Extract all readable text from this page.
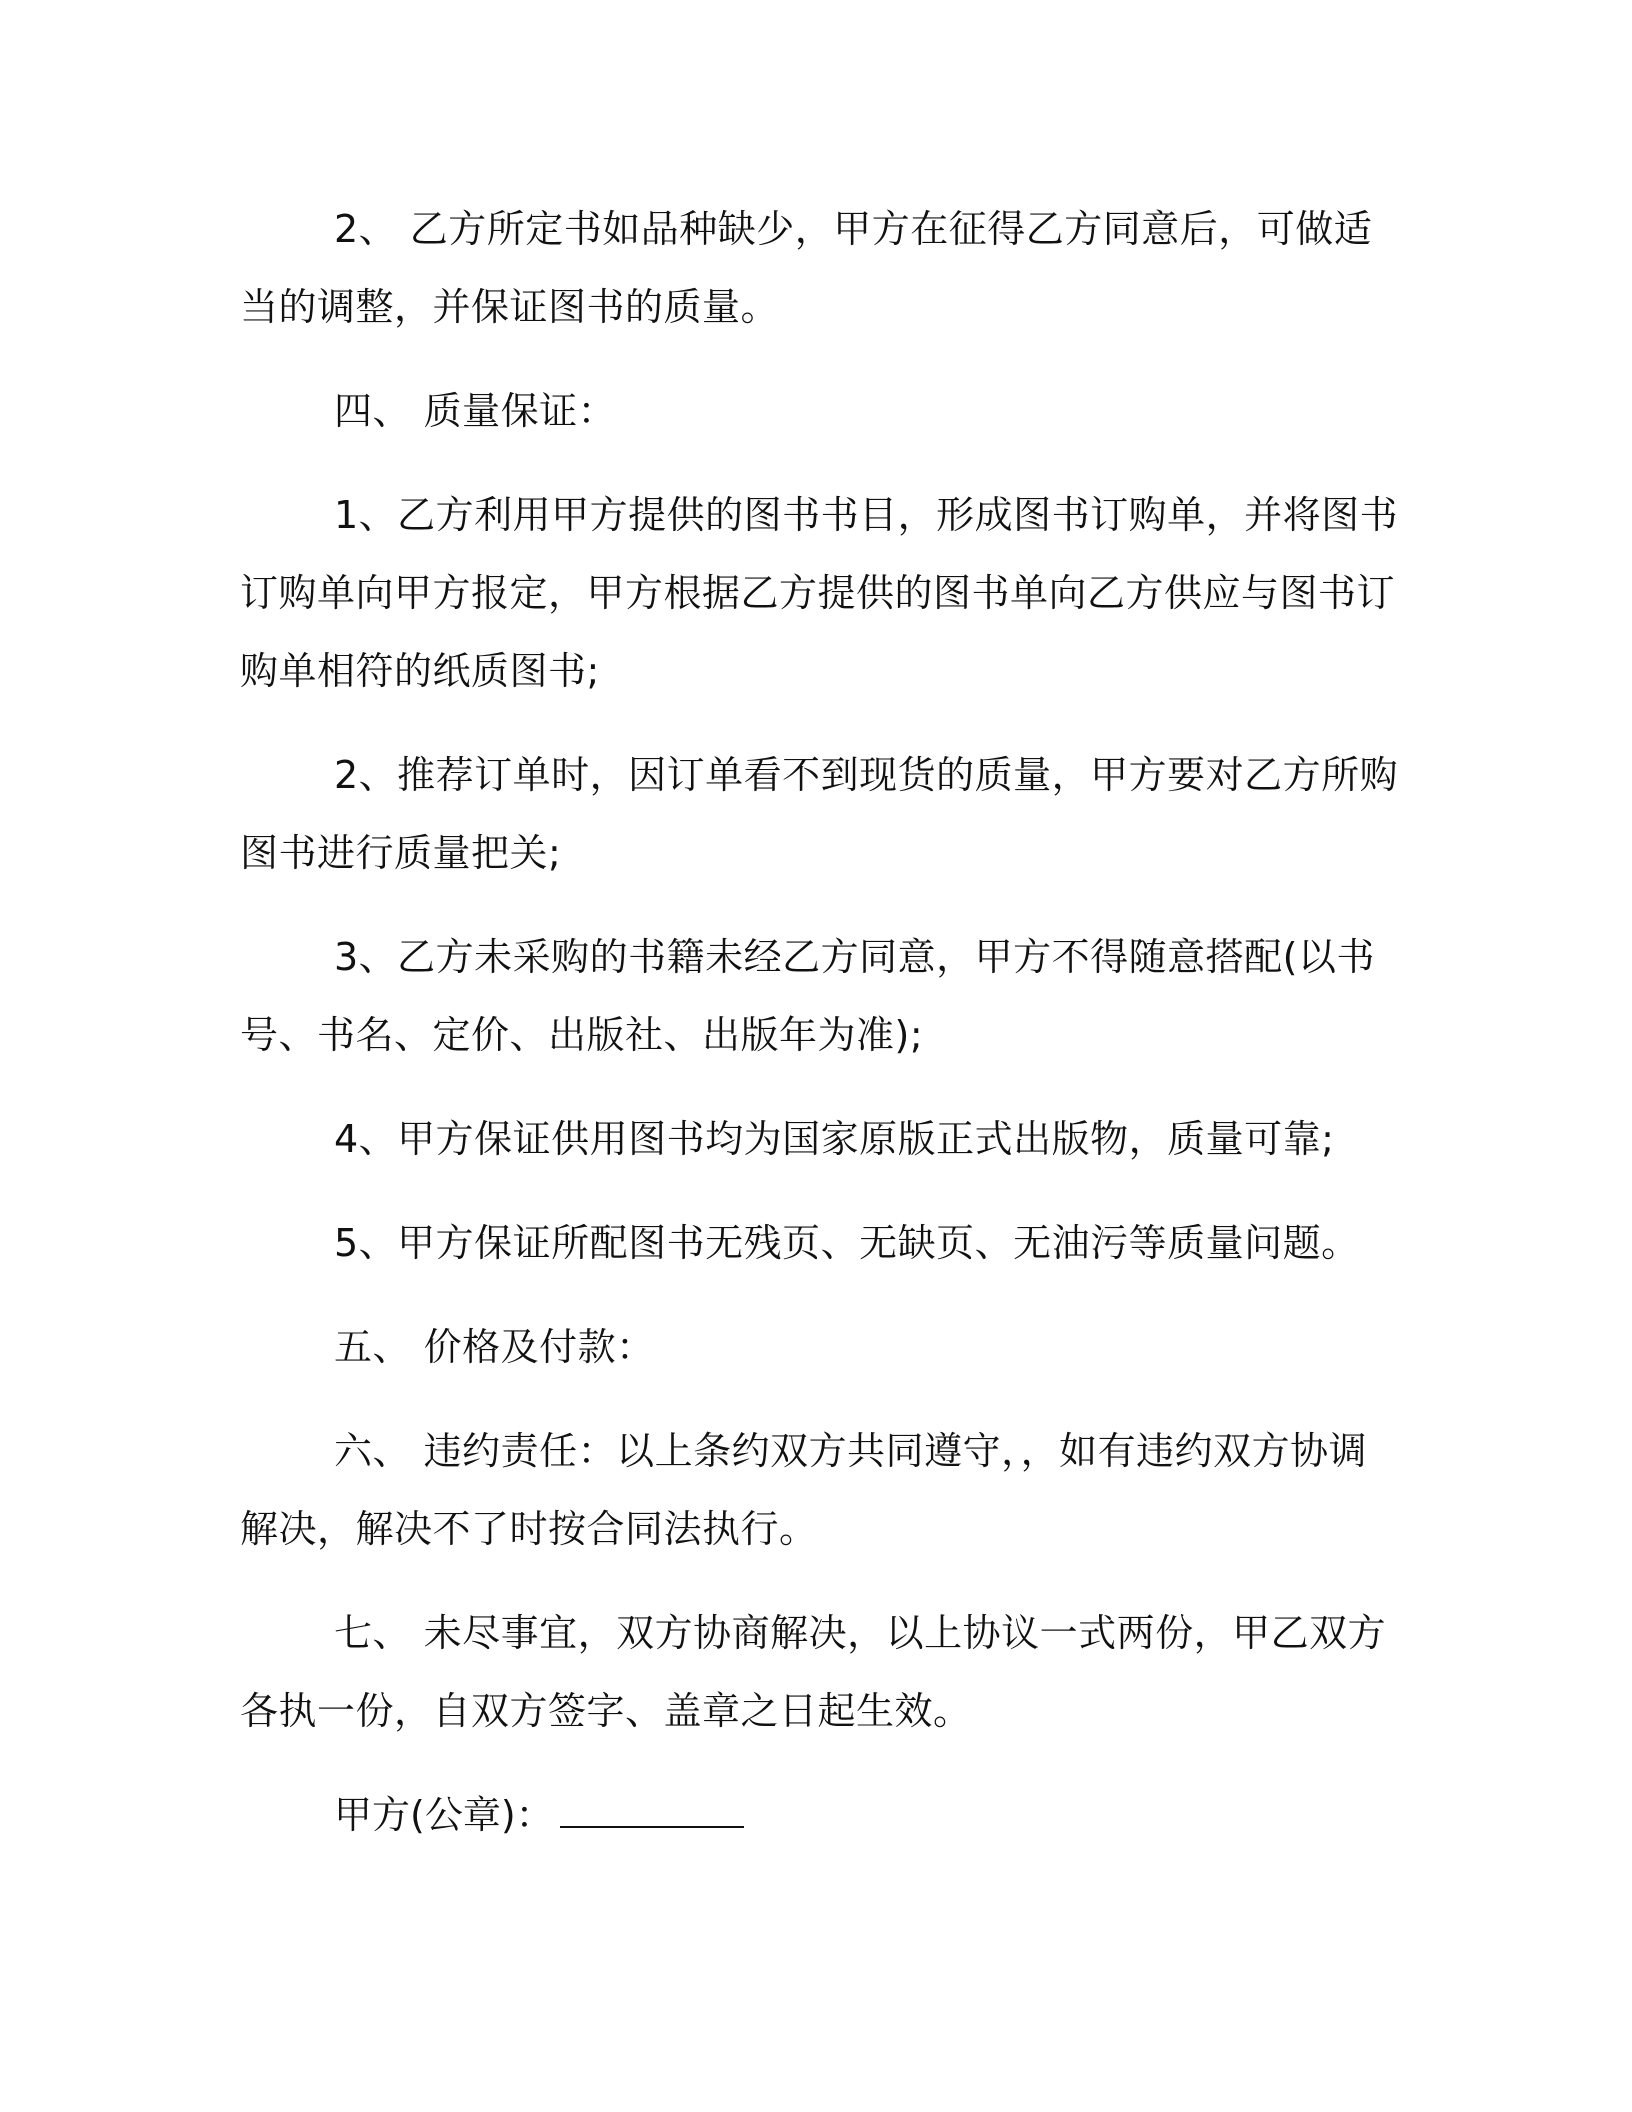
2、 乙方所定书如品种缺少，甲方在征得乙方同意后，可做适当的调整，并保证图书的质量。

四、 质量保证：

1、乙方利用甲方提供的图书书目，形成图书订购单，并将图书订购单向甲方报定，甲方根据乙方提供的图书单向乙方供应与图书订购单相符的纸质图书;

2、推荐订单时，因订单看不到现货的质量，甲方要对乙方所购图书进行质量把关;

3、乙方未采购的书籍未经乙方同意，甲方不得随意搭配(以书号、书名、定价、出版社、出版年为准);

4、甲方保证供用图书均为国家原版正式出版物，质量可靠;

5、甲方保证所配图书无残页、无缺页、无油污等质量问题。

五、 价格及付款：

六、 违约责任：以上条约双方共同遵守，，如有违约双方协调解决，解决不了时按合同法执行。

七、 未尽事宜，双方协商解决，以上协议一式两份，甲乙双方各执一份，自双方签字、盖章之日起生效。

甲方(公章)：
